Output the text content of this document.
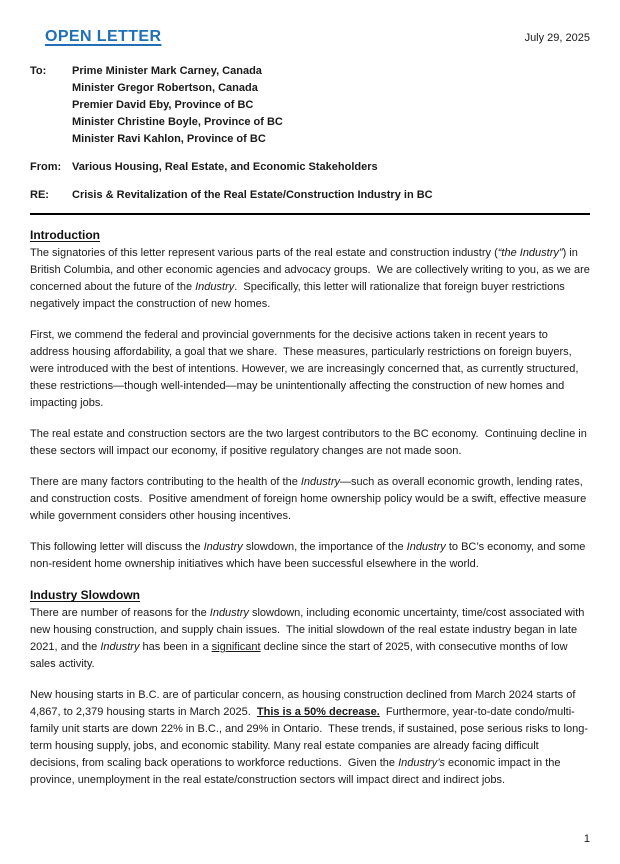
OPEN LETTER	July 29, 2025
To:	Prime Minister Mark Carney, Canada
Minister Gregor Robertson, Canada
Premier David Eby, Province of BC
Minister Christine Boyle, Province of BC
Minister Ravi Kahlon, Province of BC
From: Various Housing, Real Estate, and Economic Stakeholders
RE:	Crisis & Revitalization of the Real Estate/Construction Industry in BC
Introduction

The signatories of this letter represent various parts of the real estate and construction industry (“the Industry”) in British Columbia, and other economic agencies and advocacy groups.  We are collectively writing to you, as we are concerned about the future of the Industry.  Specifically, this letter will rationalize that foreign buyer restrictions negatively impact the construction of new homes.

First, we commend the federal and provincial governments for the decisive actions taken in recent years to address housing affordability, a goal that we share.  These measures, particularly restrictions on foreign buyers, were introduced with the best of intentions. However, we are increasingly concerned that, as currently structured, these restrictions—though well-intended—may be unintentionally affecting the construction of new homes and impacting jobs.

The real estate and construction sectors are the two largest contributors to the BC economy.  Continuing decline in these sectors will impact our economy, if positive regulatory changes are not made soon.

There are many factors contributing to the health of the Industry—such as overall economic growth, lending rates, and construction costs.  Positive amendment of foreign home ownership policy would be a swift, effective measure while government considers other housing incentives.

This following letter will discuss the Industry slowdown, the importance of the Industry to BC’s economy, and some non-resident home ownership initiatives which have been successful elsewhere in the world.

Industry Slowdown

There are number of reasons for the Industry slowdown, including economic uncertainty, time/cost associated with new housing construction, and supply chain issues.  The initial slowdown of the real estate industry began in late 2021, and the Industry has been in a significant decline since the start of 2025, with consecutive months of low sales activity.

New housing starts in B.C. are of particular concern, as housing construction declined from March 2024 starts of 4,867, to 2,379 housing starts in March 2025.  This is a 50% decrease.  Furthermore, year-to-date condo/multi-family unit starts are down 22% in B.C., and 29% in Ontario.  These trends, if sustained, pose serious risks to long-term housing supply, jobs, and economic stability. Many real estate companies are already facing difficult decisions, from scaling back operations to workforce reductions.  Given the Industry’s economic impact in the province, unemployment in the real estate/construction sectors will impact direct and indirect jobs.

1
